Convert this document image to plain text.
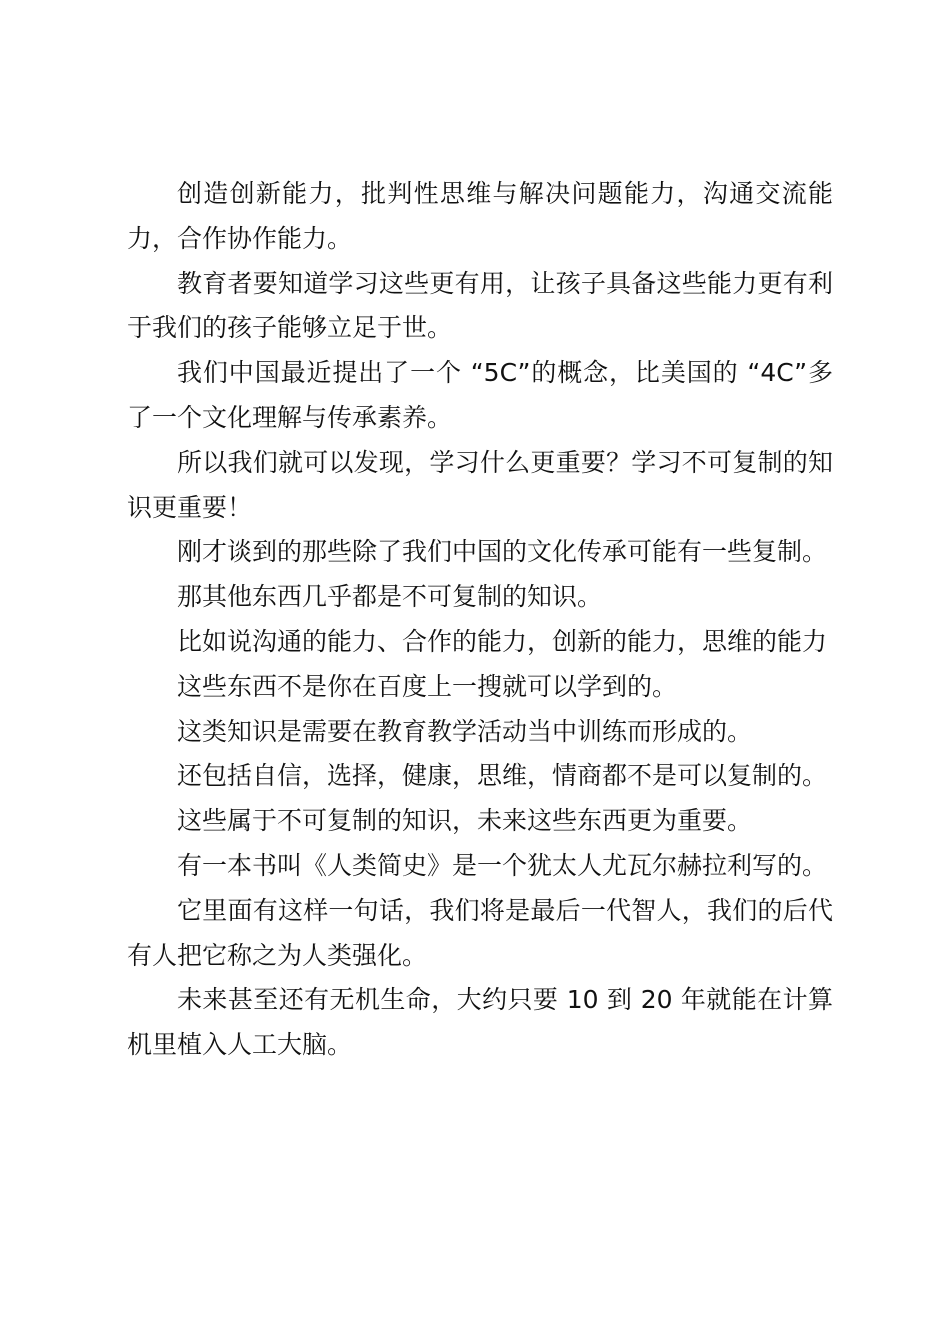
创造创新能力，批判性思维与解决问题能力，沟通交流能力，合作协作能力。

教育者要知道学习这些更有用，让孩子具备这些能力更有利于我们的孩子能够立足于世。

我们中国最近提出了一个 “5C”的概念，比美国的 “4C”多了一个文化理解与传承素养。

所以我们就可以发现，学习什么更重要？学习不可复制的知识更重要！

刚才谈到的那些除了我们中国的文化传承可能有一些复制。

那其他东西几乎都是不可复制的知识。

比如说沟通的能力、合作的能力，创新的能力，思维的能力

这些东西不是你在百度上一搜就可以学到的。

这类知识是需要在教育教学活动当中训练而形成的。

还包括自信，选择，健康，思维，情商都不是可以复制的。

这些属于不可复制的知识，未来这些东西更为重要。

有一本书叫《人类简史》是一个犹太人尤瓦尔赫拉利写的。

它里面有这样一句话，我们将是最后一代智人，我们的后代有人把它称之为人类强化。

未来甚至还有无机生命，大约只要 10 到 20 年就能在计算机里植入人工大脑。
